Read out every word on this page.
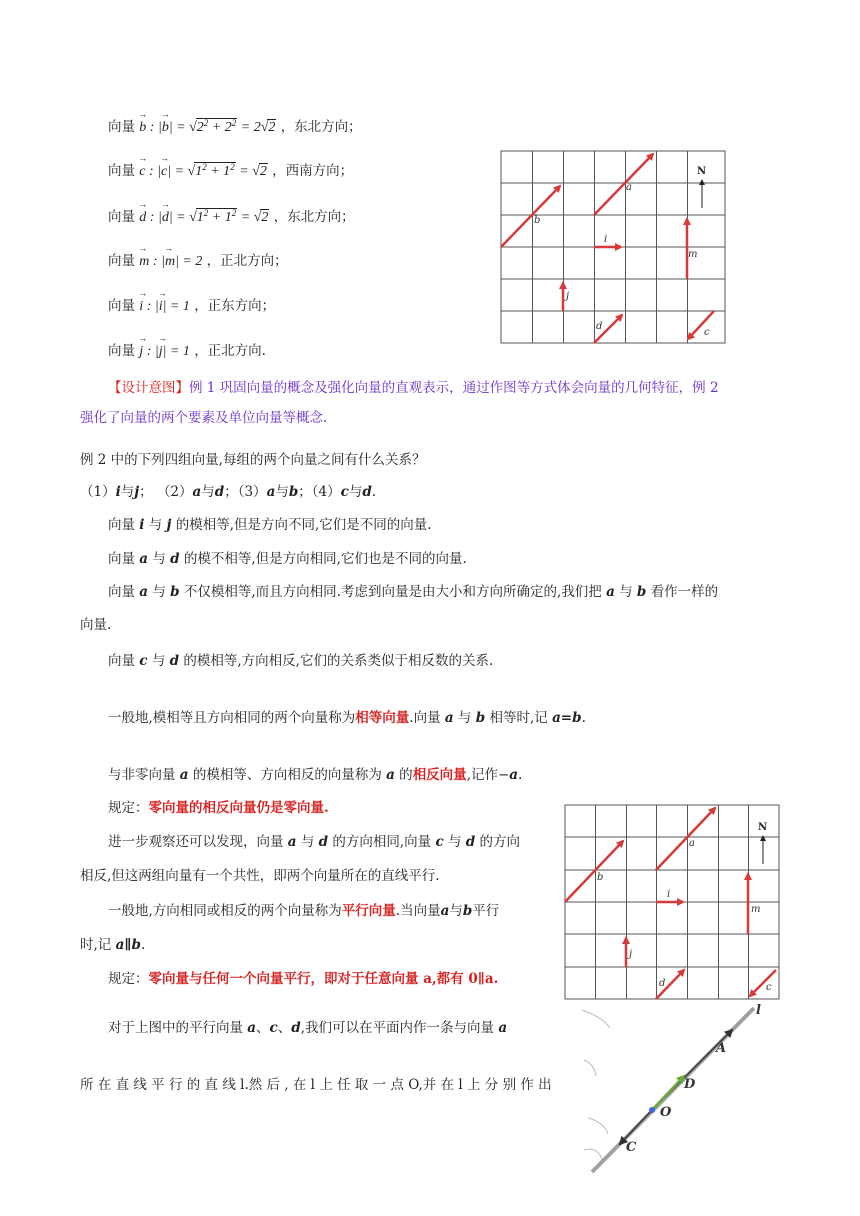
向量 → b : |→ $b| = √2^2 + 2^2 = 2√2$ ，东北方向；
向量 → c : |→ $c| = √1^2 + 1^2 = √2$ ，西南方向；
向量 → d : |→ $d| = √1^2 + 1^2 = √2$ ，东北方向；
向量 → m : |→ m| = 2 ，正北方向；
向量 → i : |→ i| = 1 ，正东方向；
向量 → j : |→ j| = 1 ，正北方向.
a
b
i
m
j
d
c
N
【设计意图】例 1 巩固向量的概念及强化向量的直观表示，通过作图等方式体会向量的几何特征，例 2
强化了向量的两个要素及单位向量等概念.
例 2 中的下列四组向量,每组的两个向量之间有什么关系？
（1）i与j； （2）a与d；（3）a与b；（4）c与d.
向量 i 与 j 的模相等,但是方向不同,它们是不同的向量.
向量 a 与 d 的模不相等,但是方向相同,它们也是不同的向量.
向量 a 与 b 不仅模相等,而且方向相同.考虑到向量是由大小和方向所确定的,我们把 a 与 b 看作一样的
向量.
向量 c 与 d 的模相等,方向相反,它们的关系类似于相反数的关系.
一般地,模相等且方向相同的两个向量称为相等向量.向量 a 与 b 相等时,记 a=b.
与非零向量 a 的模相等、方向相反的向量称为 a 的相反向量,记作−a.
规定：零向量的相反向量仍是零向量.
进一步观察还可以发现，向量 a 与 d 的方向相同,向量 c 与 d 的方向
相反,但这两组向量有一个共性，即两个向量所在的直线平行.
一般地,方向相同或相反的两个向量称为平行向量.当向量a与b平行
时,记 a∥b.
规定：零向量与任何一个向量平行，即对于任意向量 a,都有 0∥a.
对于上图中的平行向量 a、c、d,我们可以在平面内作一条与向量 a
所 在 直 线 平 行 的 直 线 l.然 后 , 在 l 上 任 取 一 点 O,并 在 l 上 分 别 作 出
a
b
i
m
j
d	c
N
l
A
D
O
C
